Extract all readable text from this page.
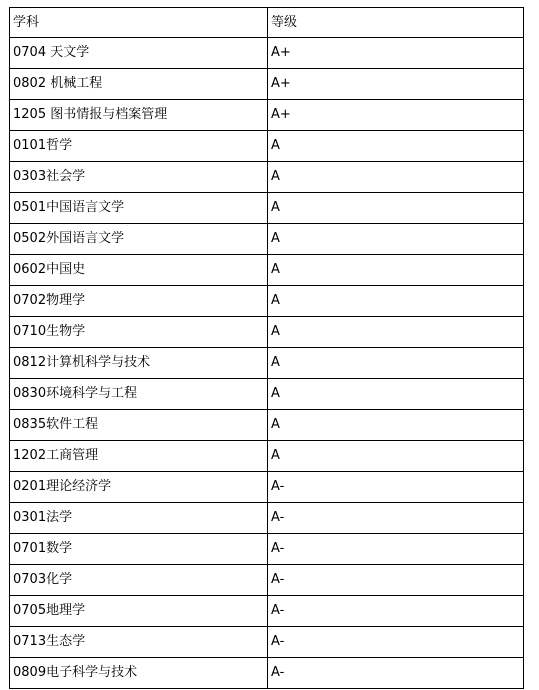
学科	等级
0704 天文学	A+
0802 机械工程	A+
1205 图书情报与档案管理	A+
0101哲学	A
0303社会学	A
0501中国语言文学	A
0502外国语言文学	A
0602中国史	A
0702物理学	A
0710生物学	A
0812计算机科学与技术	A
0830环境科学与工程	A
0835软件工程	A
1202工商管理	A
0201理论经济学	A-
0301法学	A-
0701数学	A-
0703化学	A-
0705地理学	A-
0713生态学	A-
0809电子科学与技术	A-
